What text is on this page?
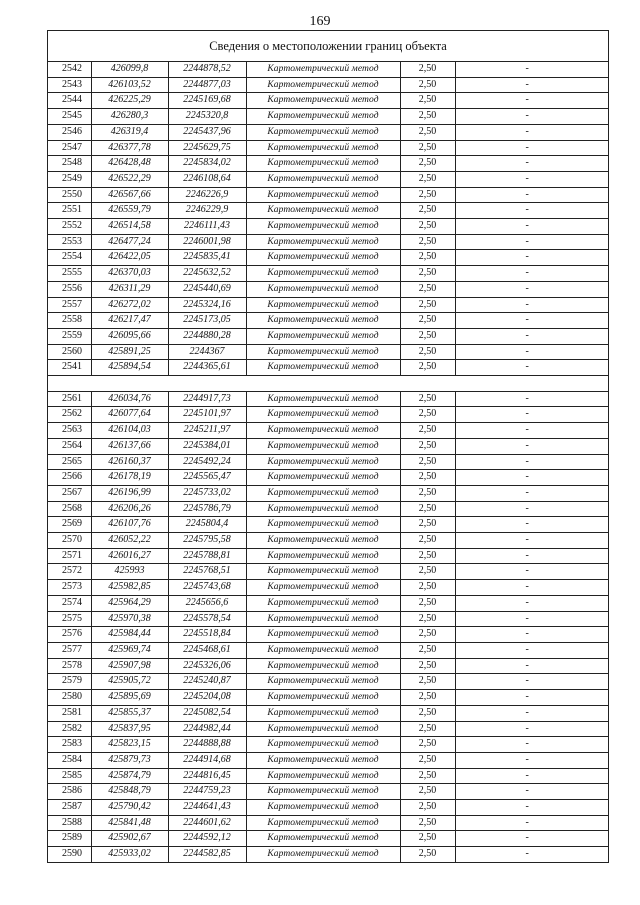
169
Сведения о местоположении границ объекта
2542	426099,8	2244878,52	Картометрический метод	2,50	-
2543	426103,52	2244877,03	Картометрический метод	2,50	-
2544	426225,29	2245169,68	Картометрический метод	2,50	-
2545	426280,3	2245320,8	Картометрический метод	2,50	-
2546	426319,4	2245437,96	Картометрический метод	2,50	-
2547	426377,78	2245629,75	Картометрический метод	2,50	-
2548	426428,48	2245834,02	Картометрический метод	2,50	-
2549	426522,29	2246108,64	Картометрический метод	2,50	-
2550	426567,66	2246226,9	Картометрический метод	2,50	-
2551	426559,79	2246229,9	Картометрический метод	2,50	-
2552	426514,58	2246111,43	Картометрический метод	2,50	-
2553	426477,24	2246001,98	Картометрический метод	2,50	-
2554	426422,05	2245835,41	Картометрический метод	2,50	-
2555	426370,03	2245632,52	Картометрический метод	2,50	-
2556	426311,29	2245440,69	Картометрический метод	2,50	-
2557	426272,02	2245324,16	Картометрический метод	2,50	-
2558	426217,47	2245173,05	Картометрический метод	2,50	-
2559	426095,66	2244880,28	Картометрический метод	2,50	-
2560	425891,25	2244367	Картометрический метод	2,50	-
2541	425894,54	2244365,61	Картометрический метод	2,50	-

2561	426034,76	2244917,73	Картометрический метод	2,50	-
2562	426077,64	2245101,97	Картометрический метод	2,50	-
2563	426104,03	2245211,97	Картометрический метод	2,50	-
2564	426137,66	2245384,01	Картометрический метод	2,50	-
2565	426160,37	2245492,24	Картометрический метод	2,50	-
2566	426178,19	2245565,47	Картометрический метод	2,50	-
2567	426196,99	2245733,02	Картометрический метод	2,50	-
2568	426206,26	2245786,79	Картометрический метод	2,50	-
2569	426107,76	2245804,4	Картометрический метод	2,50	-
2570	426052,22	2245795,58	Картометрический метод	2,50	-
2571	426016,27	2245788,81	Картометрический метод	2,50	-
2572	425993	2245768,51	Картометрический метод	2,50	-
2573	425982,85	2245743,68	Картометрический метод	2,50	-
2574	425964,29	2245656,6	Картометрический метод	2,50	-
2575	425970,38	2245578,54	Картометрический метод	2,50	-
2576	425984,44	2245518,84	Картометрический метод	2,50	-
2577	425969,74	2245468,61	Картометрический метод	2,50	-
2578	425907,98	2245326,06	Картометрический метод	2,50	-
2579	425905,72	2245240,87	Картометрический метод	2,50	-
2580	425895,69	2245204,08	Картометрический метод	2,50	-
2581	425855,37	2245082,54	Картометрический метод	2,50	-
2582	425837,95	2244982,44	Картометрический метод	2,50	-
2583	425823,15	2244888,88	Картометрический метод	2,50	-
2584	425879,73	2244914,68	Картометрический метод	2,50	-
2585	425874,79	2244816,45	Картометрический метод	2,50	-
2586	425848,79	2244759,23	Картометрический метод	2,50	-
2587	425790,42	2244641,43	Картометрический метод	2,50	-
2588	425841,48	2244601,62	Картометрический метод	2,50	-
2589	425902,67	2244592,12	Картометрический метод	2,50	-
2590	425933,02	2244582,85	Картометрический метод	2,50	-
